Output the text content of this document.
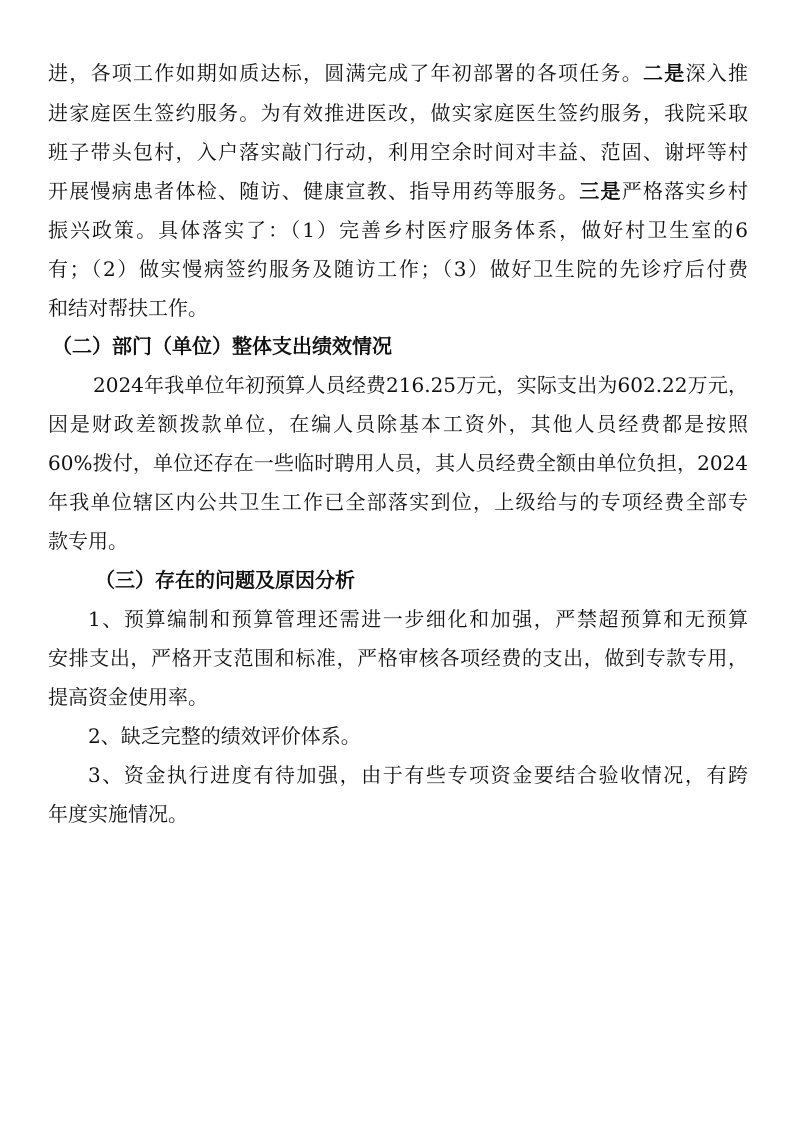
进，各项工作如期如质达标，圆满完成了年初部署的各项任务。二是深入推
进家庭医生签约服务。为有效推进医改，做实家庭医生签约服务，我院采取
班子带头包村，入户落实敲门行动，利用空余时间对丰益、范固、谢坪等村
开展慢病患者体检、随访、健康宣教、指导用药等服务。三是严格落实乡村
振兴政策。具体落实了：（1）完善乡村医疗服务体系，做好村卫生室的6
有；（2）做实慢病签约服务及随访工作；（3）做好卫生院的先诊疗后付费
和结对帮扶工作。
（二）部门（单位）整体支出绩效情况
2024年我单位年初预算人员经费216.25万元，实际支出为602.22万元，
因是财政差额拨款单位，在编人员除基本工资外，其他人员经费都是按照
60%拨付，单位还存在一些临时聘用人员，其人员经费全额由单位负担，2024
年我单位辖区内公共卫生工作已全部落实到位，上级给与的专项经费全部专
款专用。
（三）存在的问题及原因分析
1、预算编制和预算管理还需进一步细化和加强，严禁超预算和无预算
安排支出，严格开支范围和标准，严格审核各项经费的支出，做到专款专用，
提高资金使用率。
2、缺乏完整的绩效评价体系。
3、资金执行进度有待加强，由于有些专项资金要结合验收情况，有跨
年度实施情况。
